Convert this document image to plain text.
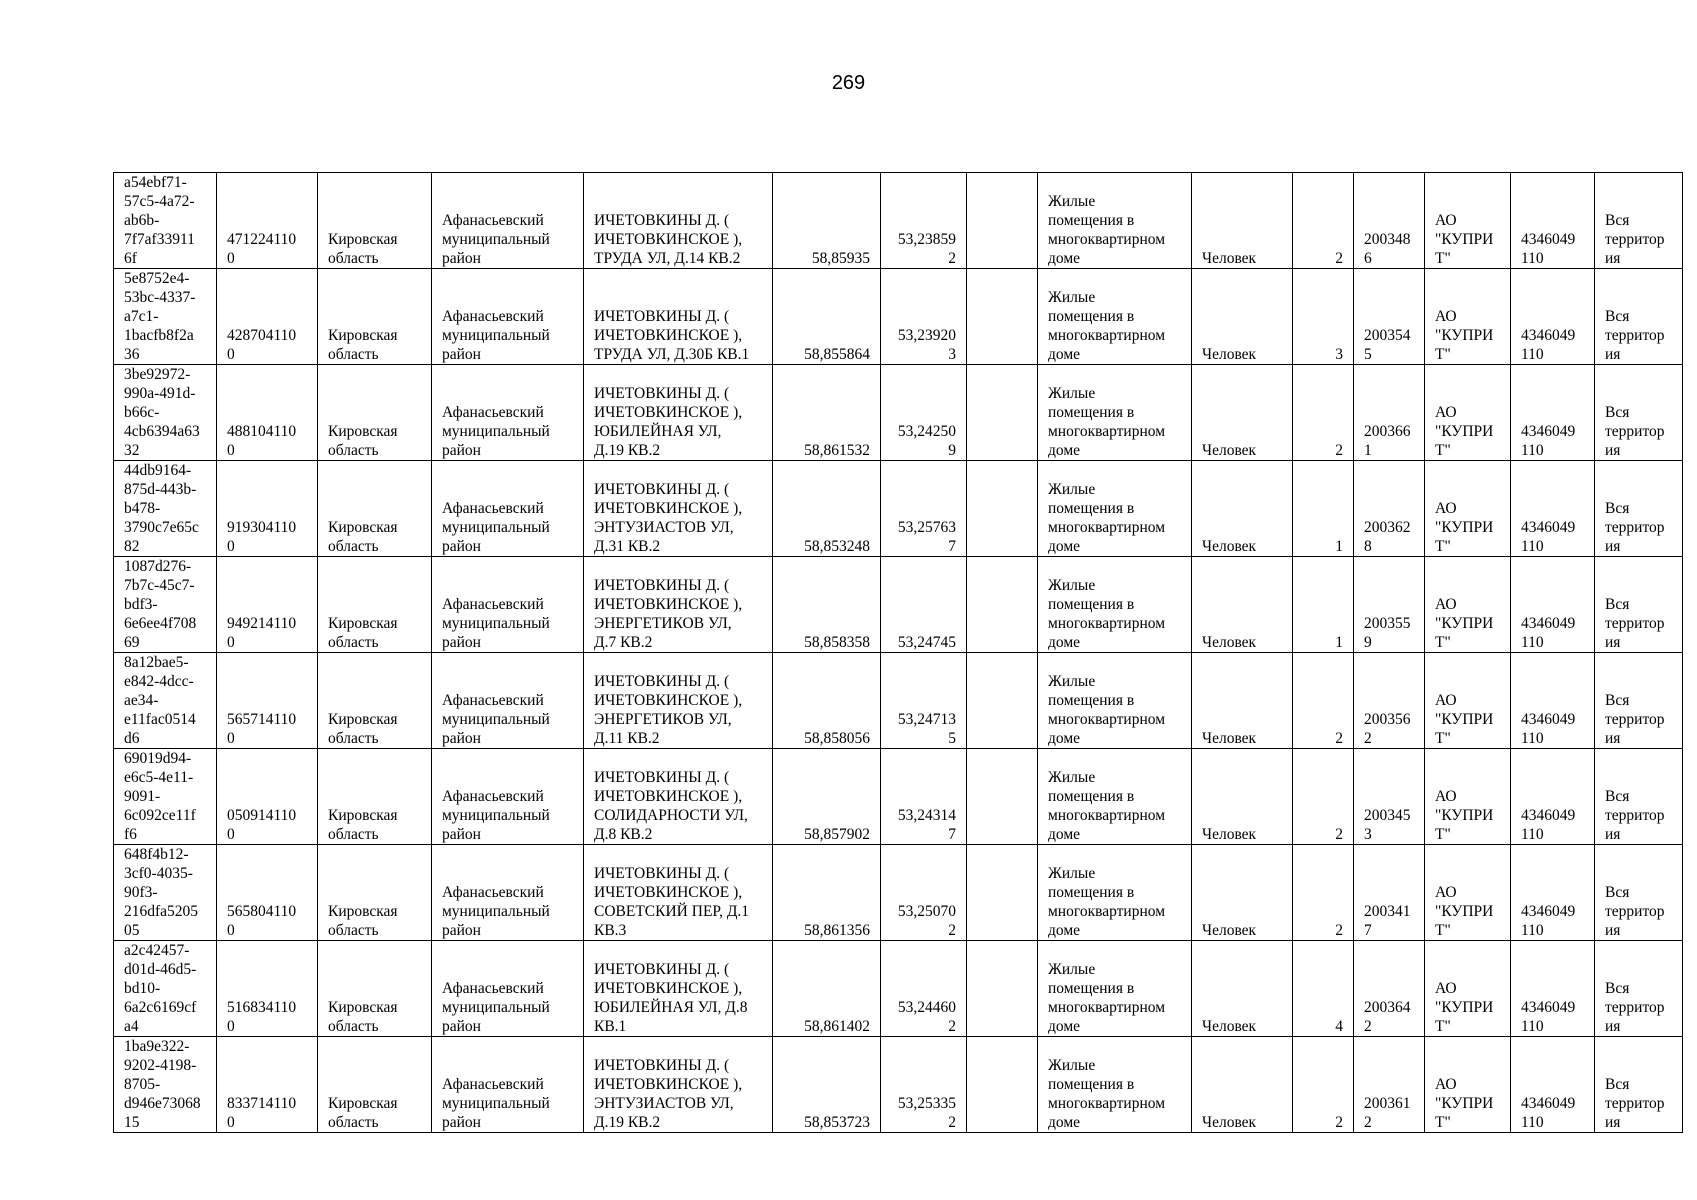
269
a54ebf71-
57c5-4a72-
ab6b-
7f7af33911
6f	471224110
0	Кировская
область	Афанасьевский
муниципальный
район	ИЧЕТОВКИНЫ Д. (
ИЧЕТОВКИНСКОЕ ),
ТРУДА УЛ, Д.14 КВ.2	58,85935	53,23859
2		Жилые
помещения в
многоквартирном
доме	Человек	2	200348
6	АО
"КУПРИ
Т"	4346049
110	Вся
территор
ия
5e8752e4-
53bc-4337-
a7c1-
1bacfb8f2a
36	428704110
0	Кировская
область	Афанасьевский
муниципальный
район	ИЧЕТОВКИНЫ Д. (
ИЧЕТОВКИНСКОЕ ),
ТРУДА УЛ, Д.30Б КВ.1	58,855864	53,23920
3		Жилые
помещения в
многоквартирном
доме	Человек	3	200354
5	АО
"КУПРИ
Т"	4346049
110	Вся
территор
ия
3be92972-
990a-491d-
b66c-
4cb6394a63
32	488104110
0	Кировская
область	Афанасьевский
муниципальный
район	ИЧЕТОВКИНЫ Д. (
ИЧЕТОВКИНСКОЕ ),
ЮБИЛЕЙНАЯ УЛ,
Д.19 КВ.2	58,861532	53,24250
9		Жилые
помещения в
многоквартирном
доме	Человек	2	200366
1	АО
"КУПРИ
Т"	4346049
110	Вся
территор
ия
44db9164-
875d-443b-
b478-
3790c7e65c
82	919304110
0	Кировская
область	Афанасьевский
муниципальный
район	ИЧЕТОВКИНЫ Д. (
ИЧЕТОВКИНСКОЕ ),
ЭНТУЗИАСТОВ УЛ,
Д.31 КВ.2	58,853248	53,25763
7		Жилые
помещения в
многоквартирном
доме	Человек	1	200362
8	АО
"КУПРИ
Т"	4346049
110	Вся
территор
ия
1087d276-
7b7c-45c7-
bdf3-
6e6ee4f708
69	949214110
0	Кировская
область	Афанасьевский
муниципальный
район	ИЧЕТОВКИНЫ Д. (
ИЧЕТОВКИНСКОЕ ),
ЭНЕРГЕТИКОВ УЛ,
Д.7 КВ.2	58,858358	53,24745		Жилые
помещения в
многоквартирном
доме	Человек	1	200355
9	АО
"КУПРИ
Т"	4346049
110	Вся
территор
ия
8a12bae5-
e842-4dcc-
ae34-
e11fac0514
d6	565714110
0	Кировская
область	Афанасьевский
муниципальный
район	ИЧЕТОВКИНЫ Д. (
ИЧЕТОВКИНСКОЕ ),
ЭНЕРГЕТИКОВ УЛ,
Д.11 КВ.2	58,858056	53,24713
5		Жилые
помещения в
многоквартирном
доме	Человек	2	200356
2	АО
"КУПРИ
Т"	4346049
110	Вся
территор
ия
69019d94-
e6c5-4e11-
9091-
6c092ce11f
f6	050914110
0	Кировская
область	Афанасьевский
муниципальный
район	ИЧЕТОВКИНЫ Д. (
ИЧЕТОВКИНСКОЕ ),
СОЛИДАРНОСТИ УЛ,
Д.8 КВ.2	58,857902	53,24314
7		Жилые
помещения в
многоквартирном
доме	Человек	2	200345
3	АО
"КУПРИ
Т"	4346049
110	Вся
территор
ия
648f4b12-
3cf0-4035-
90f3-
216dfa5205
05	565804110
0	Кировская
область	Афанасьевский
муниципальный
район	ИЧЕТОВКИНЫ Д. (
ИЧЕТОВКИНСКОЕ ),
СОВЕТСКИЙ ПЕР, Д.1
КВ.3	58,861356	53,25070
2		Жилые
помещения в
многоквартирном
доме	Человек	2	200341
7	АО
"КУПРИ
Т"	4346049
110	Вся
территор
ия
a2c42457-
d01d-46d5-
bd10-
6a2c6169cf
a4	516834110
0	Кировская
область	Афанасьевский
муниципальный
район	ИЧЕТОВКИНЫ Д. (
ИЧЕТОВКИНСКОЕ ),
ЮБИЛЕЙНАЯ УЛ, Д.8
КВ.1	58,861402	53,24460
2		Жилые
помещения в
многоквартирном
доме	Человек	4	200364
2	АО
"КУПРИ
Т"	4346049
110	Вся
территор
ия
1ba9e322-
9202-4198-
8705-
d946e73068
15	833714110
0	Кировская
область	Афанасьевский
муниципальный
район	ИЧЕТОВКИНЫ Д. (
ИЧЕТОВКИНСКОЕ ),
ЭНТУЗИАСТОВ УЛ,
Д.19 КВ.2	58,853723	53,25335
2		Жилые
помещения в
многоквартирном
доме	Человек	2	200361
2	АО
"КУПРИ
Т"	4346049
110	Вся
территор
ия
